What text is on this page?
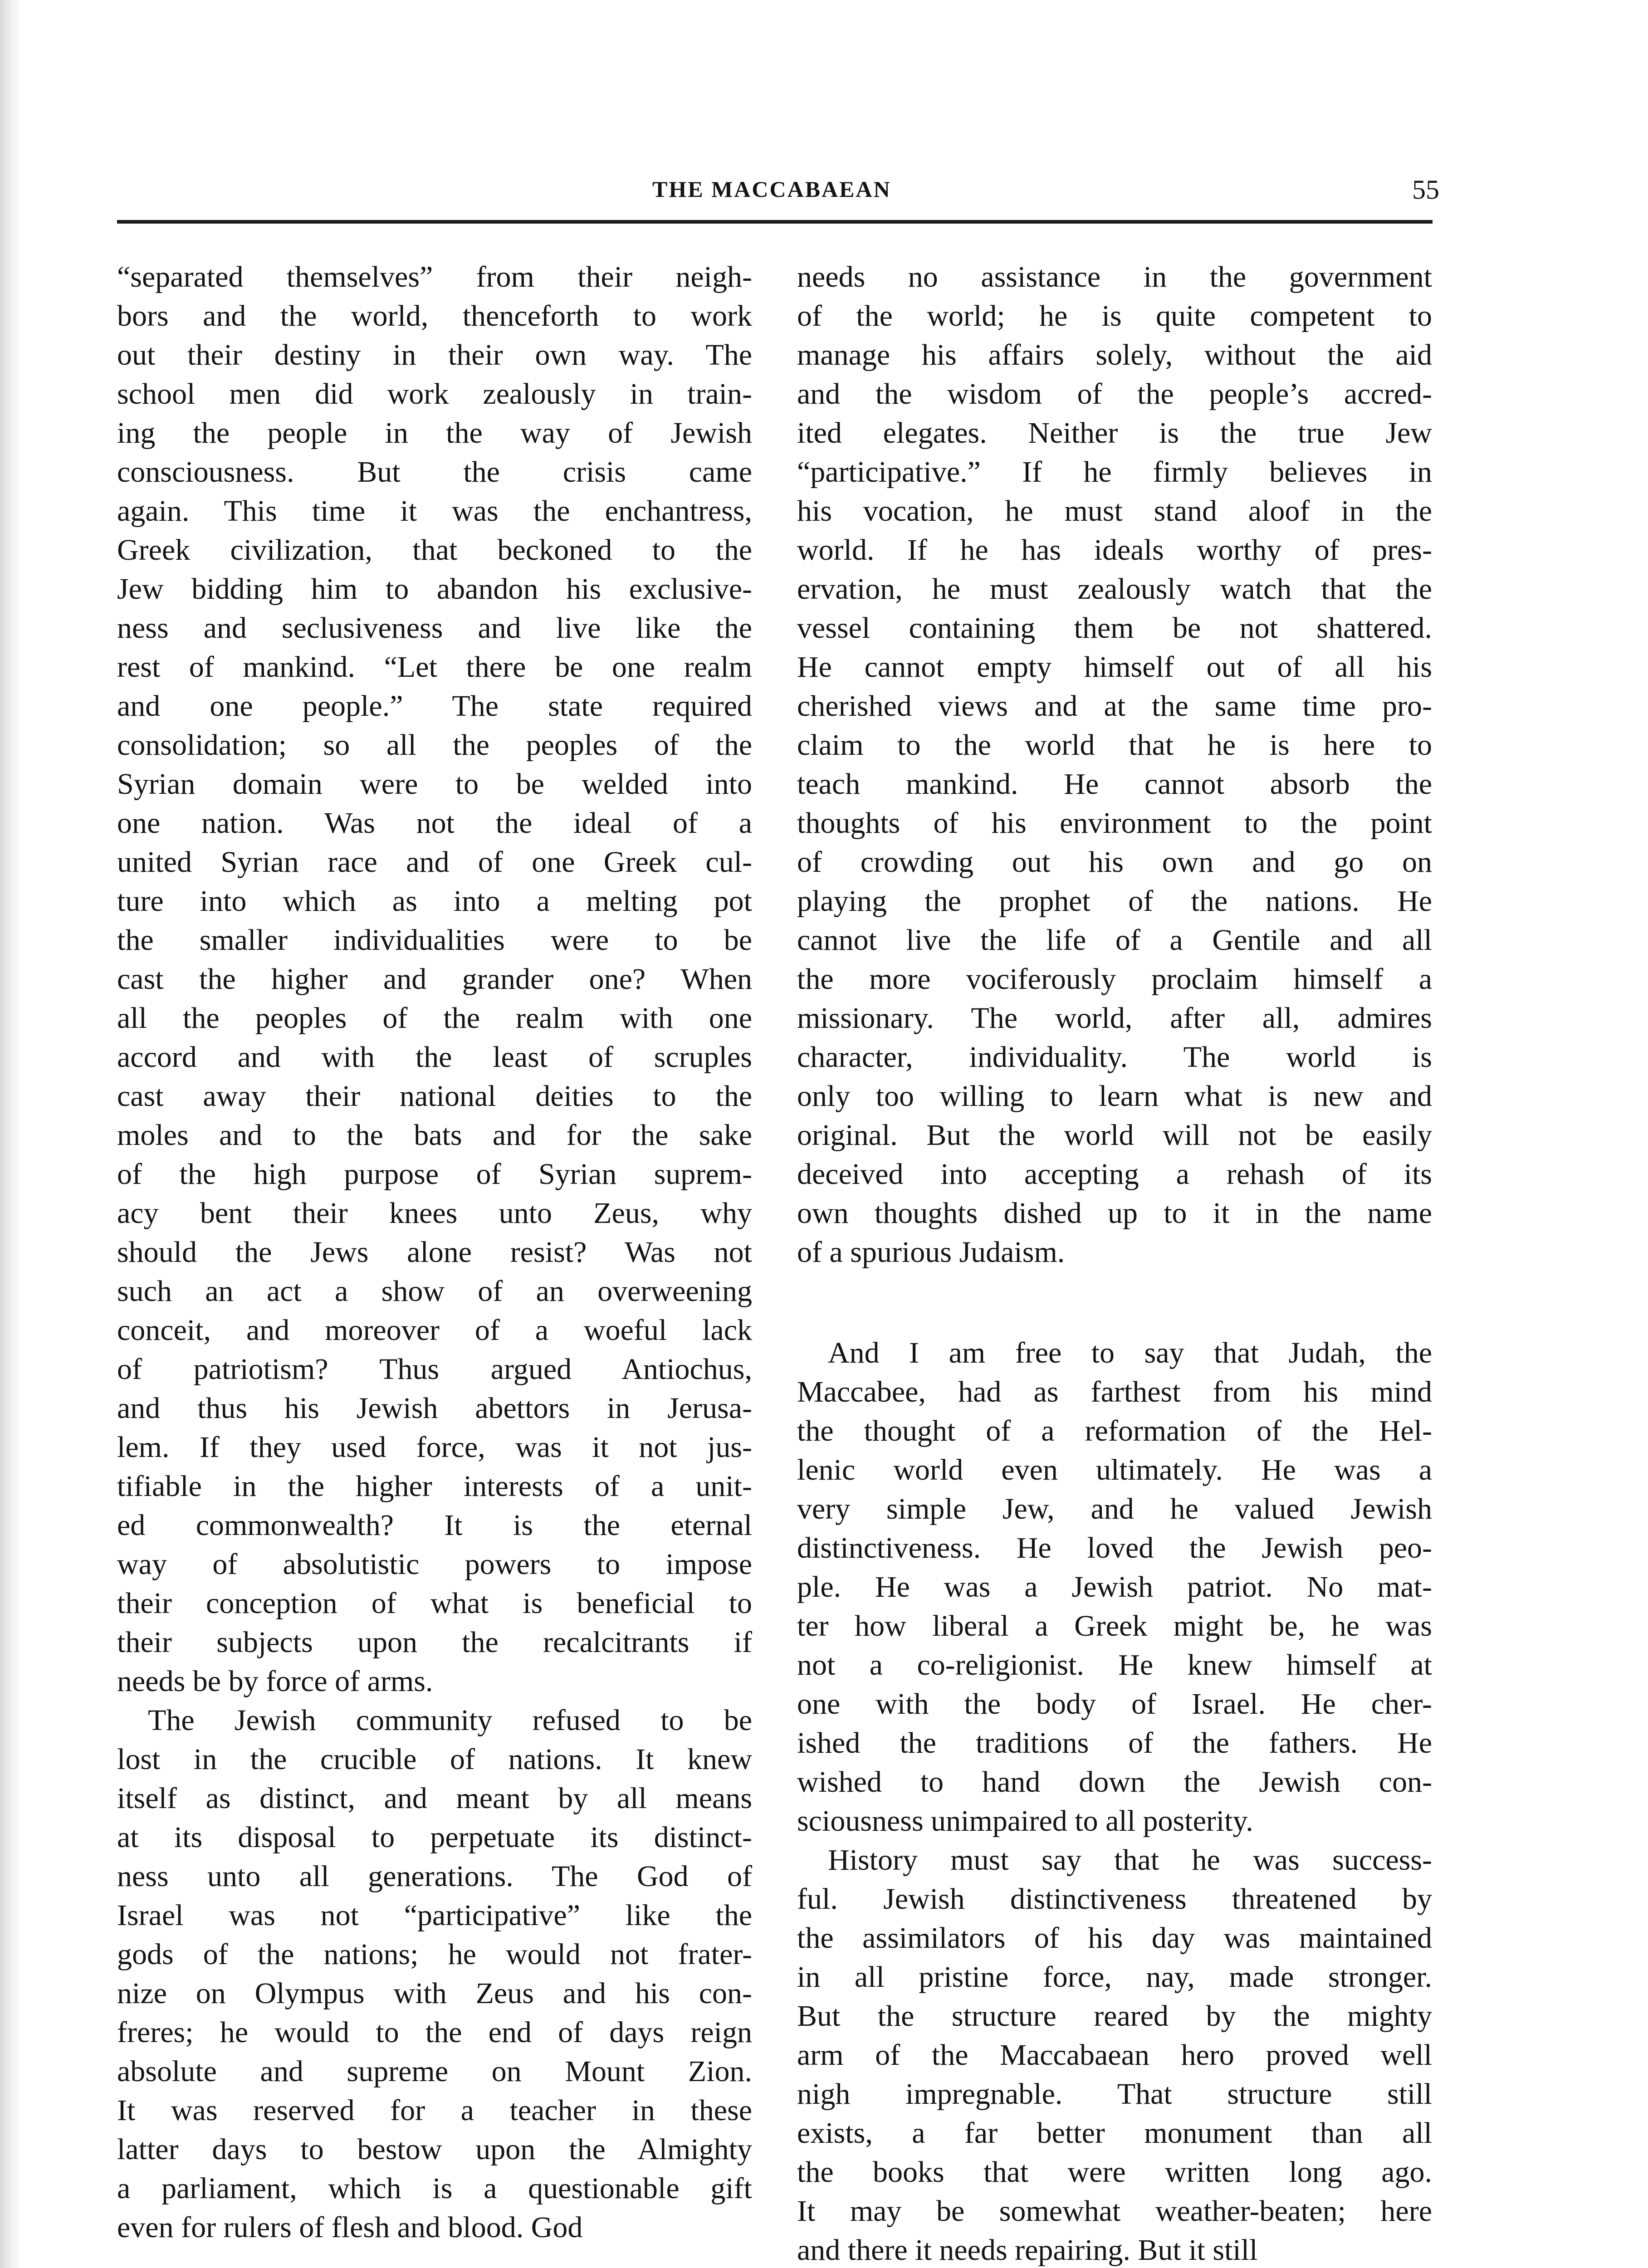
THE MACCABAEAN	55
“separated themselves” from their neigh-
bors and the world, thenceforth to work
out their destiny in their own way. The
school men did work zealously in train-
ing the people in the way of Jewish
consciousness. But the crisis came
again. This time it was the enchantress,
Greek civilization, that beckoned to the
Jew bidding him to abandon his exclusive-
ness and seclusiveness and live like the
rest of mankind. “Let there be one realm
and one people.” The state required
consolidation; so all the peoples of the
Syrian domain were to be welded into
one nation. Was not the ideal of a
united Syrian race and of one Greek cul-
ture into which as into a melting pot
the smaller individualities were to be
cast the higher and grander one? When
all the peoples of the realm with one
accord and with the least of scruples
cast away their national deities to the
moles and to the bats and for the sake
of the high purpose of Syrian suprem-
acy bent their knees unto Zeus, why
should the Jews alone resist? Was not
such an act a show of an overweening
conceit, and moreover of a woeful lack
of patriotism? Thus argued Antiochus,
and thus his Jewish abettors in Jerusa-
lem. If they used force, was it not jus-
tifiable in the higher interests of a unit-
ed commonwealth? It is the eternal
way of absolutistic powers to impose
their conception of what is beneficial to
their subjects upon the recalcitrants if
needs be by force of arms.
The Jewish community refused to be
lost in the crucible of nations. It knew
itself as distinct, and meant by all means
at its disposal to perpetuate its distinct-
ness unto all generations. The God of
Israel was not “participative” like the
gods of the nations; he would not frater-
nize on Olympus with Zeus and his con-
freres; he would to the end of days reign
absolute and supreme on Mount Zion.
It was reserved for a teacher in these
latter days to bestow upon the Almighty
a parliament, which is a questionable gift
even for rulers of flesh and blood. God
needs no assistance in the government
of the world; he is quite competent to
manage his affairs solely, without the aid
and the wisdom of the people’s accred-
ited elegates. Neither is the true Jew
“participative.” If he firmly believes in
his vocation, he must stand aloof in the
world. If he has ideals worthy of pres-
ervation, he must zealously watch that the
vessel containing them be not shattered.
He cannot empty himself out of all his
cherished views and at the same time pro-
claim to the world that he is here to
teach mankind. He cannot absorb the
thoughts of his environment to the point
of crowding out his own and go on
playing the prophet of the nations. He
cannot live the life of a Gentile and all
the more vociferously proclaim himself a
missionary. The world, after all, admires
character, individuality. The world is
only too willing to learn what is new and
original. But the world will not be easily
deceived into accepting a rehash of its
own thoughts dished up to it in the name
of a spurious Judaism.
And I am free to say that Judah, the
Maccabee, had as farthest from his mind
the thought of a reformation of the Hel-
lenic world even ultimately. He was a
very simple Jew, and he valued Jewish
distinctiveness. He loved the Jewish peo-
ple. He was a Jewish patriot. No mat-
ter how liberal a Greek might be, he was
not a co-religionist. He knew himself at
one with the body of Israel. He cher-
ished the traditions of the fathers. He
wished to hand down the Jewish con-
sciousness unimpaired to all posterity.
History must say that he was success-
ful. Jewish distinctiveness threatened by
the assimilators of his day was maintained
in all pristine force, nay, made stronger.
But the structure reared by the mighty
arm of the Maccabaean hero proved well
nigh impregnable. That structure still
exists, a far better monument than all
the books that were written long ago.
It may be somewhat weather-beaten; here
and there it needs repairing. But it still
